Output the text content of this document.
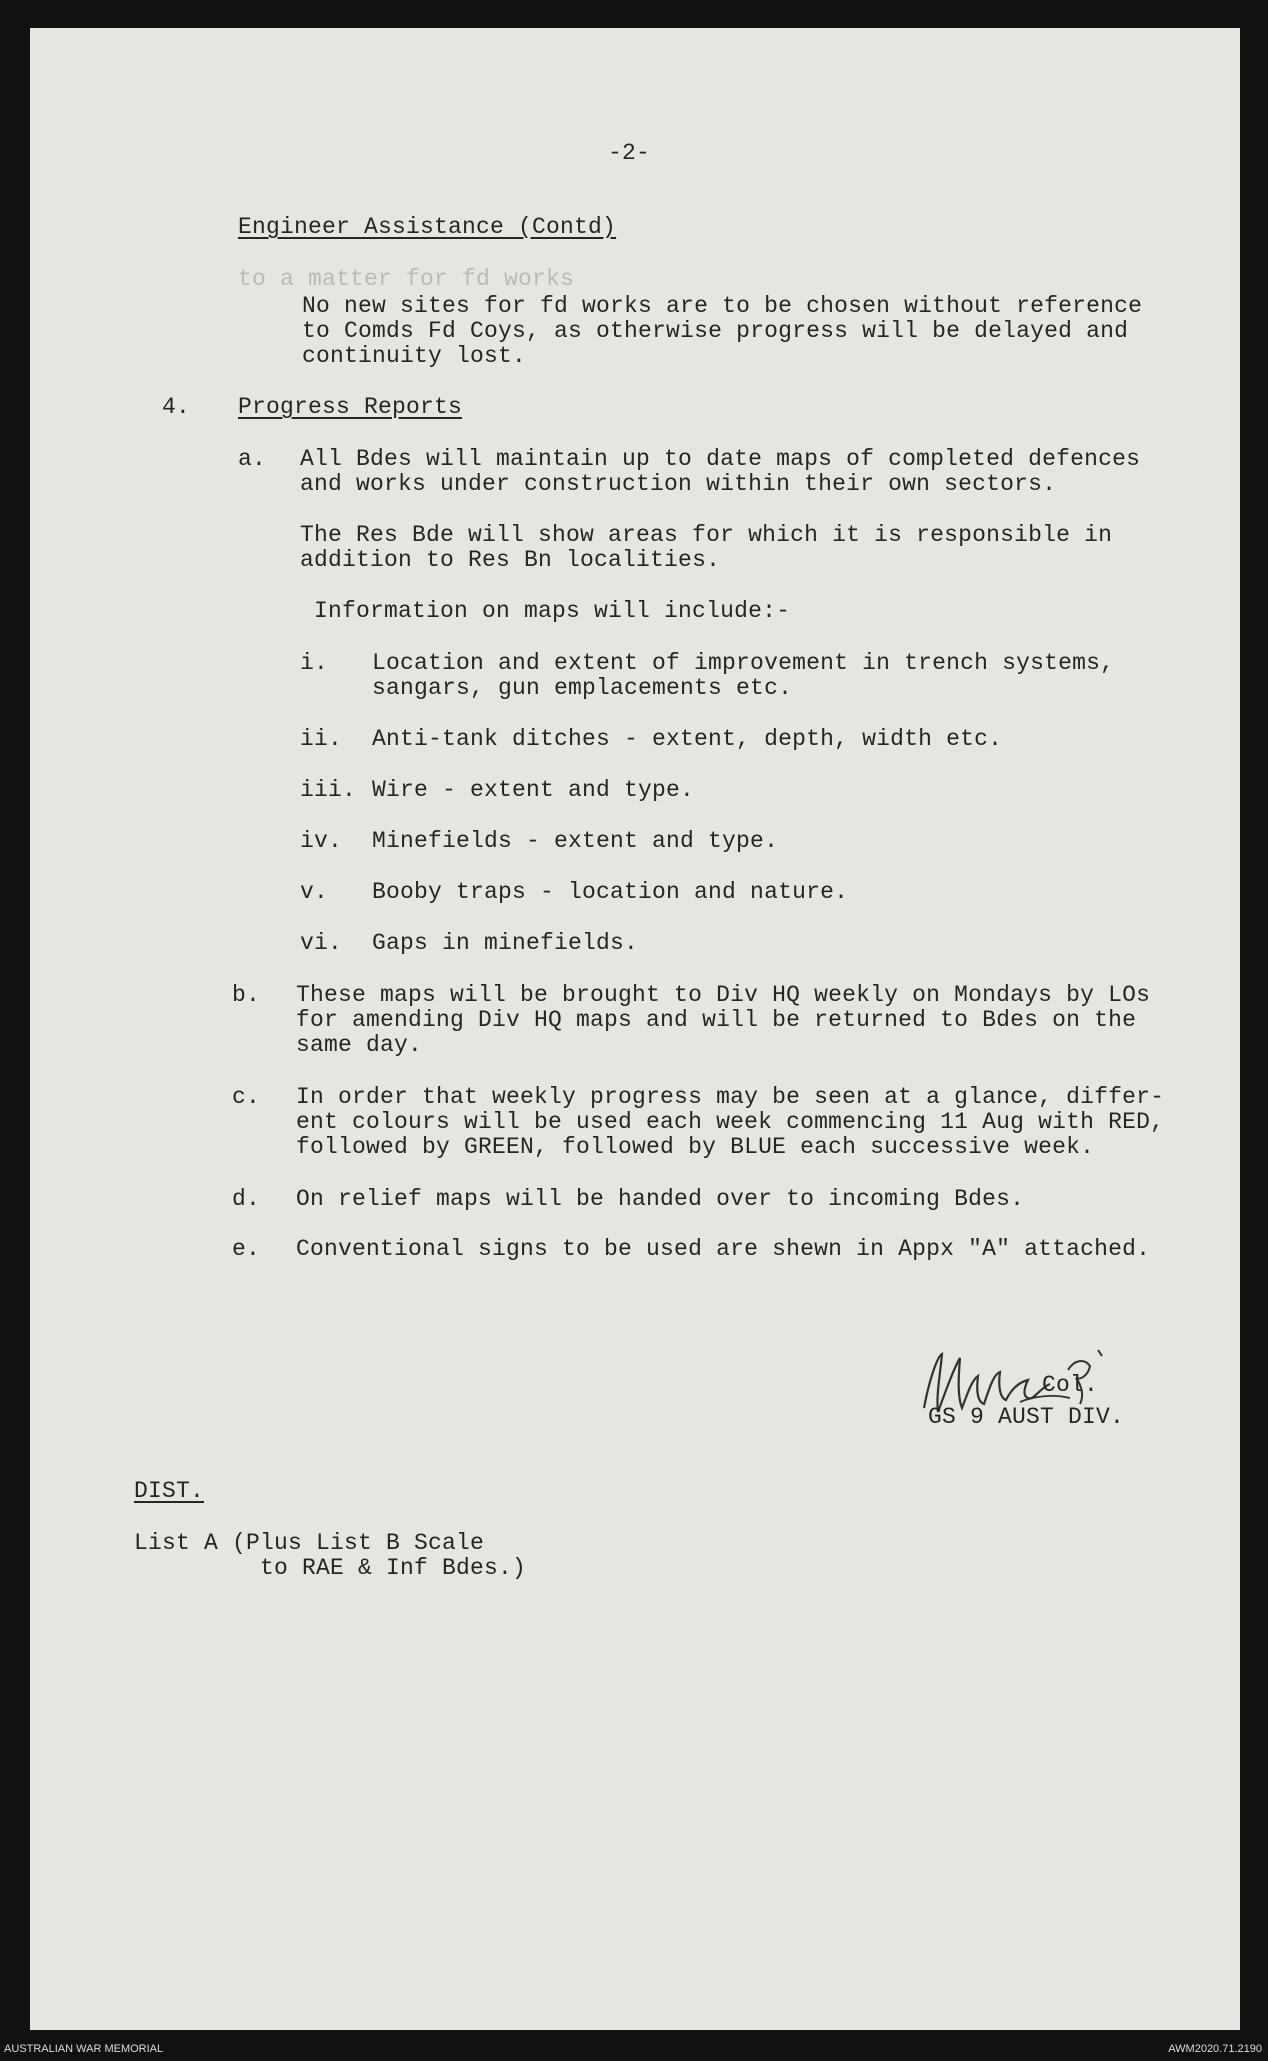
-2-
Engineer Assistance (Contd)
to a matter for fd works
No new sites for fd works are to be chosen without reference
to Comds Fd Coys, as otherwise progress will be delayed and
continuity lost.
4. Progress Reports
a. All Bdes will maintain up to date maps of completed defences
and works under construction within their own sectors.
The Res Bde will show areas for which it is responsible in
addition to Res Bn localities.
Information on maps will include:-
i. Location and extent of improvement in trench systems,
sangars, gun emplacements etc.
ii. Anti-tank ditches - extent, depth, width etc.
iii. Wire - extent and type.
iv. Minefields - extent and type.
v. Booby traps - location and nature.
vi. Gaps in minefields.
b. These maps will be brought to Div HQ weekly on Mondays by LOs
for amending Div HQ maps and will be returned to Bdes on the
same day.
c. In order that weekly progress may be seen at a glance, differ-
ent colours will be used each week commencing 11 Aug with RED,
followed by GREEN, followed by BLUE each successive week.
d. On relief maps will be handed over to incoming Bdes.
e. Conventional signs to be used are shewn in Appx "A" attached.
Col.
GS 9 AUST DIV.
DIST.
List A (Plus List B Scale
to RAE & Inf Bdes.)
AUSTRALIAN WAR MEMORIAL	AWM2020.71.2190
